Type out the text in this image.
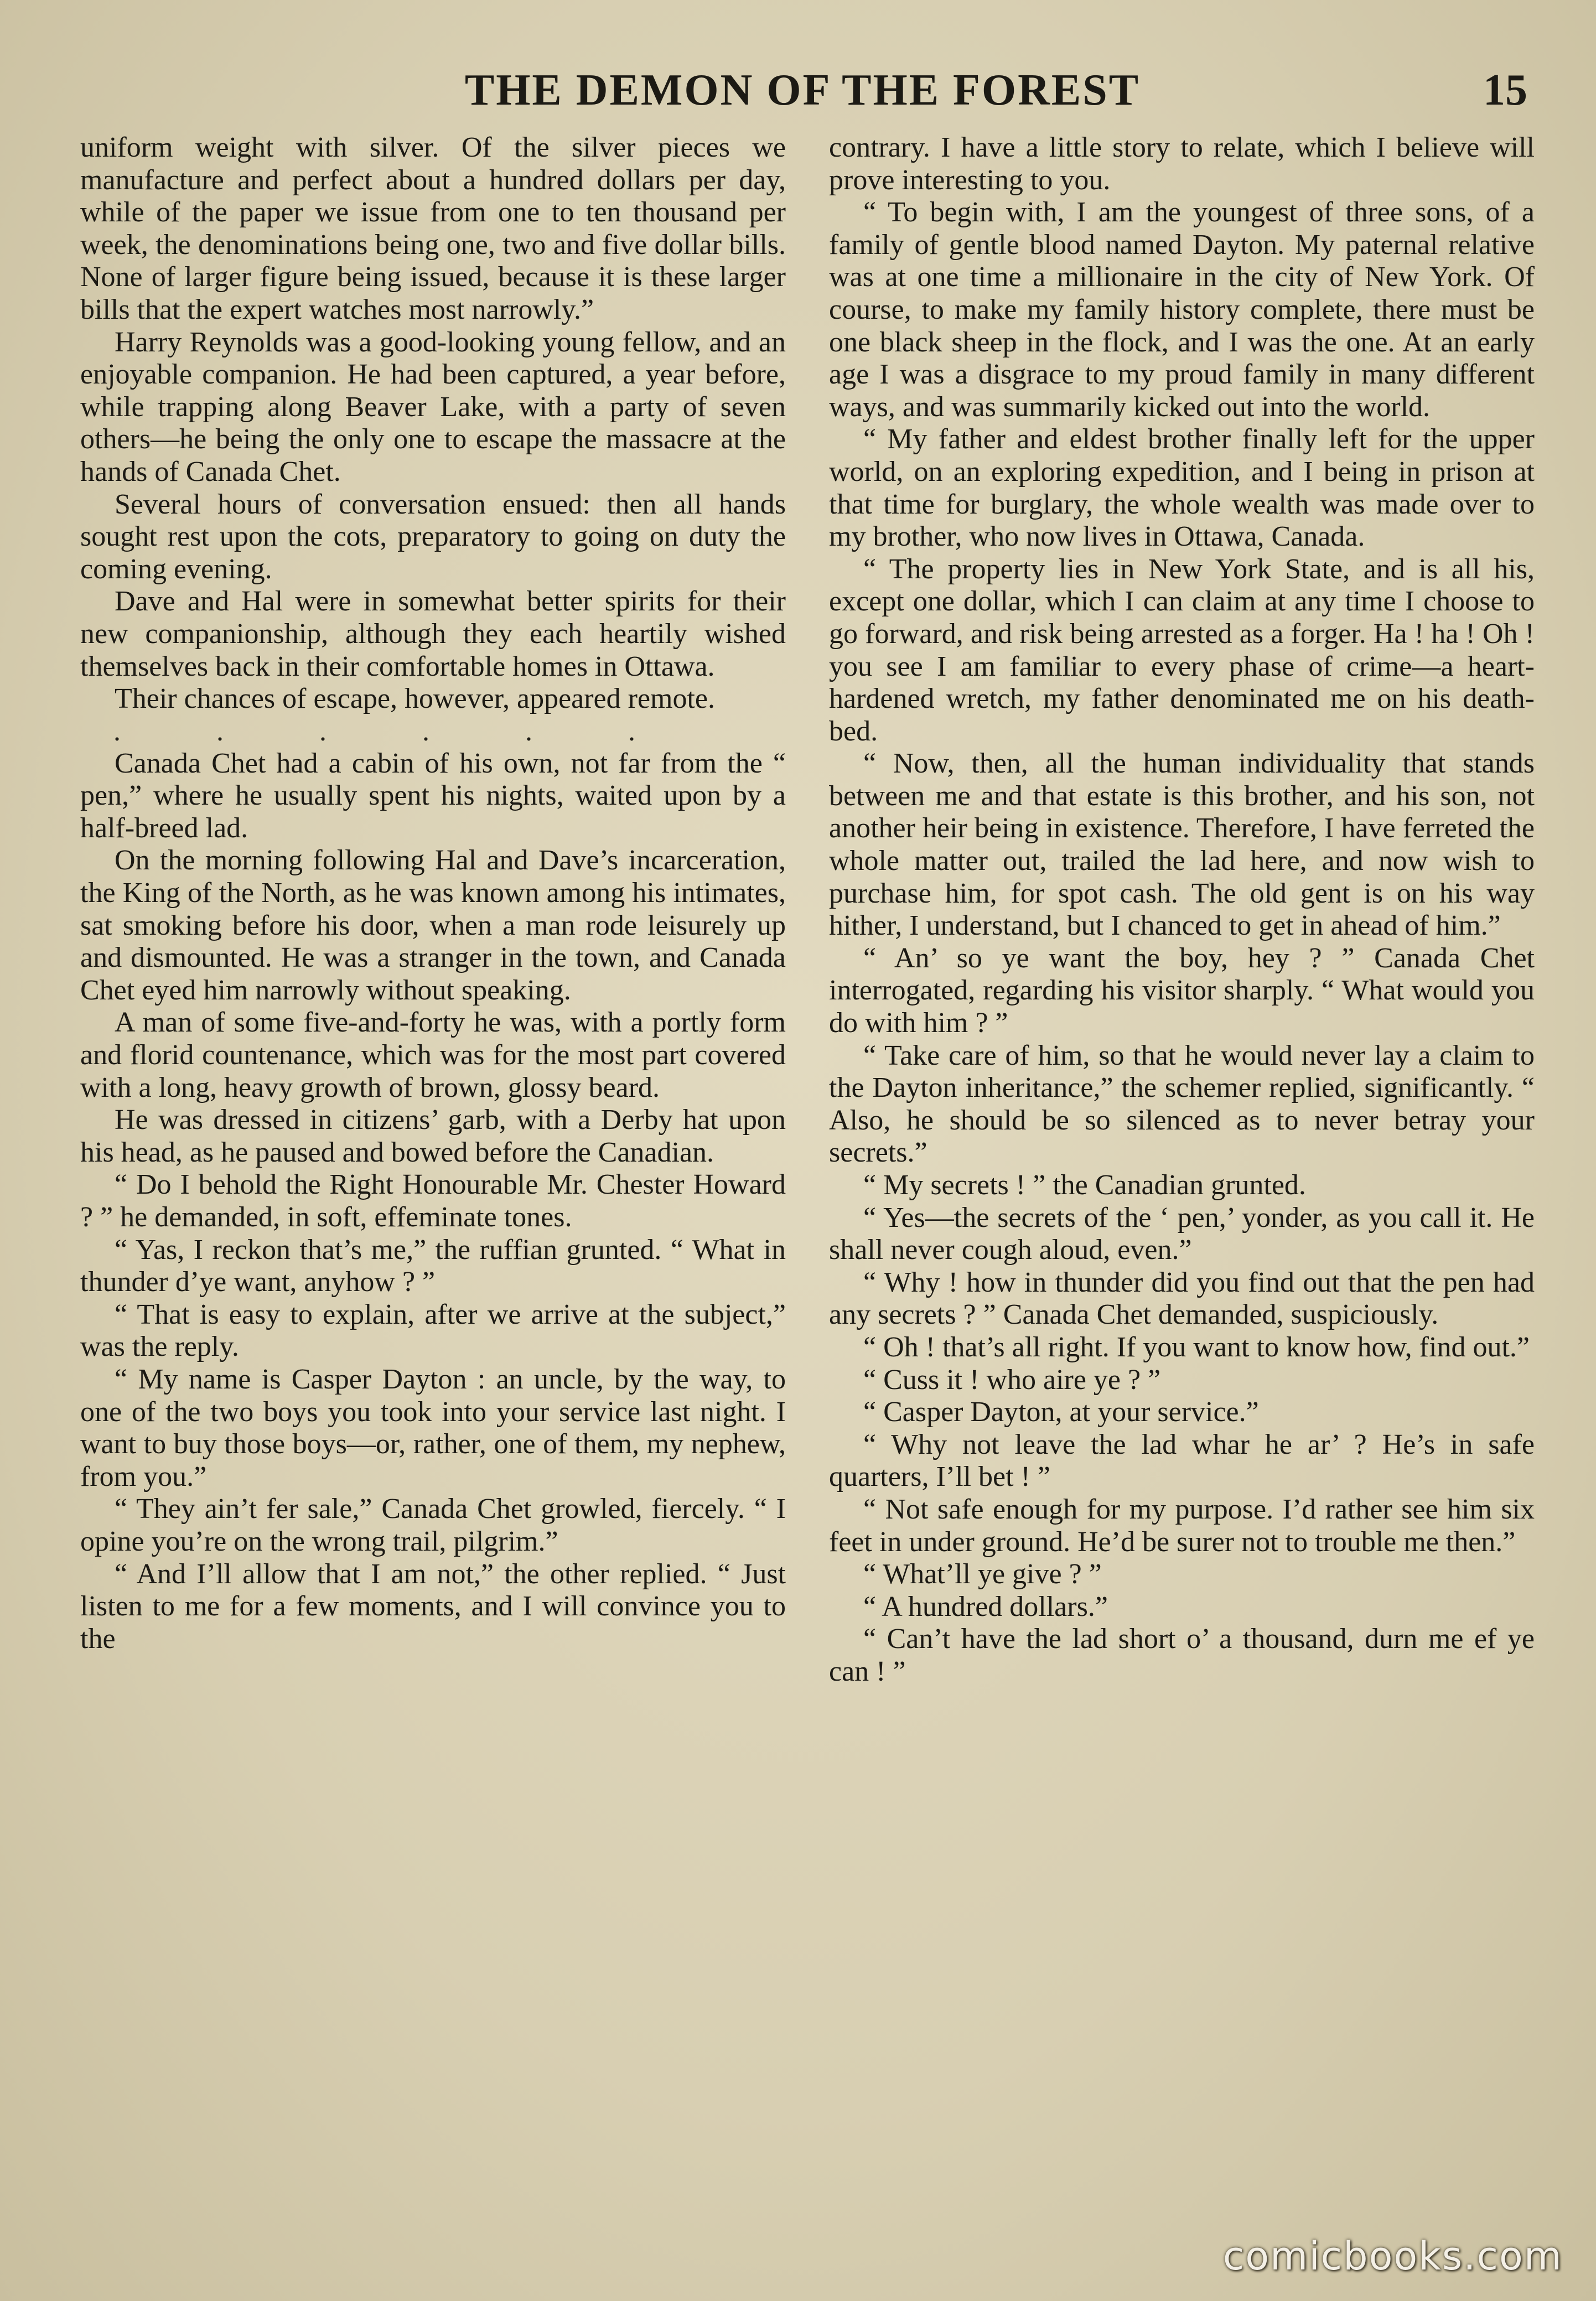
THE DEMON OF THE FOREST	15

uniform weight with silver. Of the silver pieces we manufacture and perfect about a hundred dollars per day, while of the paper we issue from one to ten thousand per week, the denominations being one, two and five dollar bills. None of larger figure being issued, because it is these larger bills that the expert watches most narrowly.”

Harry Reynolds was a good-looking young fellow, and an enjoyable companion. He had been captured, a year before, while trapping along Beaver Lake, with a party of seven others—he being the only one to escape the massacre at the hands of Canada Chet.

Several hours of conversation ensued: then all hands sought rest upon the cots, preparatory to going on duty the coming evening.

Dave and Hal were in somewhat better spirits for their new companionship, although they each heartily wished themselves back in their comfortable homes in Ottawa.

Their chances of escape, however, appeared remote.

. . . . . .

Canada Chet had a cabin of his own, not far from the “ pen,” where he usually spent his nights, waited upon by a half-breed lad.

On the morning following Hal and Dave’s incarceration, the King of the North, as he was known among his intimates, sat smoking before his door, when a man rode leisurely up and dismounted. He was a stranger in the town, and Canada Chet eyed him narrowly without speaking.

A man of some five-and-forty he was, with a portly form and florid countenance, which was for the most part covered with a long, heavy growth of brown, glossy beard.

He was dressed in citizens’ garb, with a Derby hat upon his head, as he paused and bowed before the Canadian.

“ Do I behold the Right Honourable Mr. Chester Howard ? ” he demanded, in soft, effeminate tones.

“ Yas, I reckon that’s me,” the ruffian grunted. “ What in thunder d’ye want, anyhow ? ”

“ That is easy to explain, after we arrive at the subject,” was the reply.

“ My name is Casper Dayton : an uncle, by the way, to one of the two boys you took into your service last night. I want to buy those boys—or, rather, one of them, my nephew, from you.”

“ They ain’t fer sale,” Canada Chet growled, fiercely. “ I opine you’re on the wrong trail, pilgrim.”

“ And I’ll allow that I am not,” the other replied. “ Just listen to me for a few moments, and I will convince you to the

contrary. I have a little story to relate, which I believe will prove interesting to you.

“ To begin with, I am the youngest of three sons, of a family of gentle blood named Dayton. My paternal relative was at one time a millionaire in the city of New York. Of course, to make my family history complete, there must be one black sheep in the flock, and I was the one. At an early age I was a disgrace to my proud family in many different ways, and was summarily kicked out into the world.

“ My father and eldest brother finally left for the upper world, on an exploring expedition, and I being in prison at that time for burglary, the whole wealth was made over to my brother, who now lives in Ottawa, Canada.

“ The property lies in New York State, and is all his, except one dollar, which I can claim at any time I choose to go forward, and risk being arrested as a forger. Ha ! ha ! Oh ! you see I am familiar to every phase of crime—a heart-hardened wretch, my father denominated me on his death-bed.

“ Now, then, all the human individuality that stands between me and that estate is this brother, and his son, not another heir being in existence. Therefore, I have ferreted the whole matter out, trailed the lad here, and now wish to purchase him, for spot cash. The old gent is on his way hither, I understand, but I chanced to get in ahead of him.”

“ An’ so ye want the boy, hey ? ” Canada Chet interrogated, regarding his visitor sharply. “ What would you do with him ? ”

“ Take care of him, so that he would never lay a claim to the Dayton inheritance,” the schemer replied, significantly. “ Also, he should be so silenced as to never betray your secrets.”

“ My secrets ! ” the Canadian grunted.

“ Yes—the secrets of the ‘ pen,’ yonder, as you call it. He shall never cough aloud, even.”

“ Why ! how in thunder did you find out that the pen had any secrets ? ” Canada Chet demanded, suspiciously.

“ Oh ! that’s all right. If you want to know how, find out.”

“ Cuss it ! who aire ye ? ”

“ Casper Dayton, at your service.”

“ Why not leave the lad whar he ar’ ? He’s in safe quarters, I’ll bet ! ”

“ Not safe enough for my purpose. I’d rather see him six feet in under ground. He’d be surer not to trouble me then.”

“ What’ll ye give ? ”

“ A hundred dollars.”

“ Can’t have the lad short o’ a thousand, durn me ef ye can ! ”

comicbooks.com
